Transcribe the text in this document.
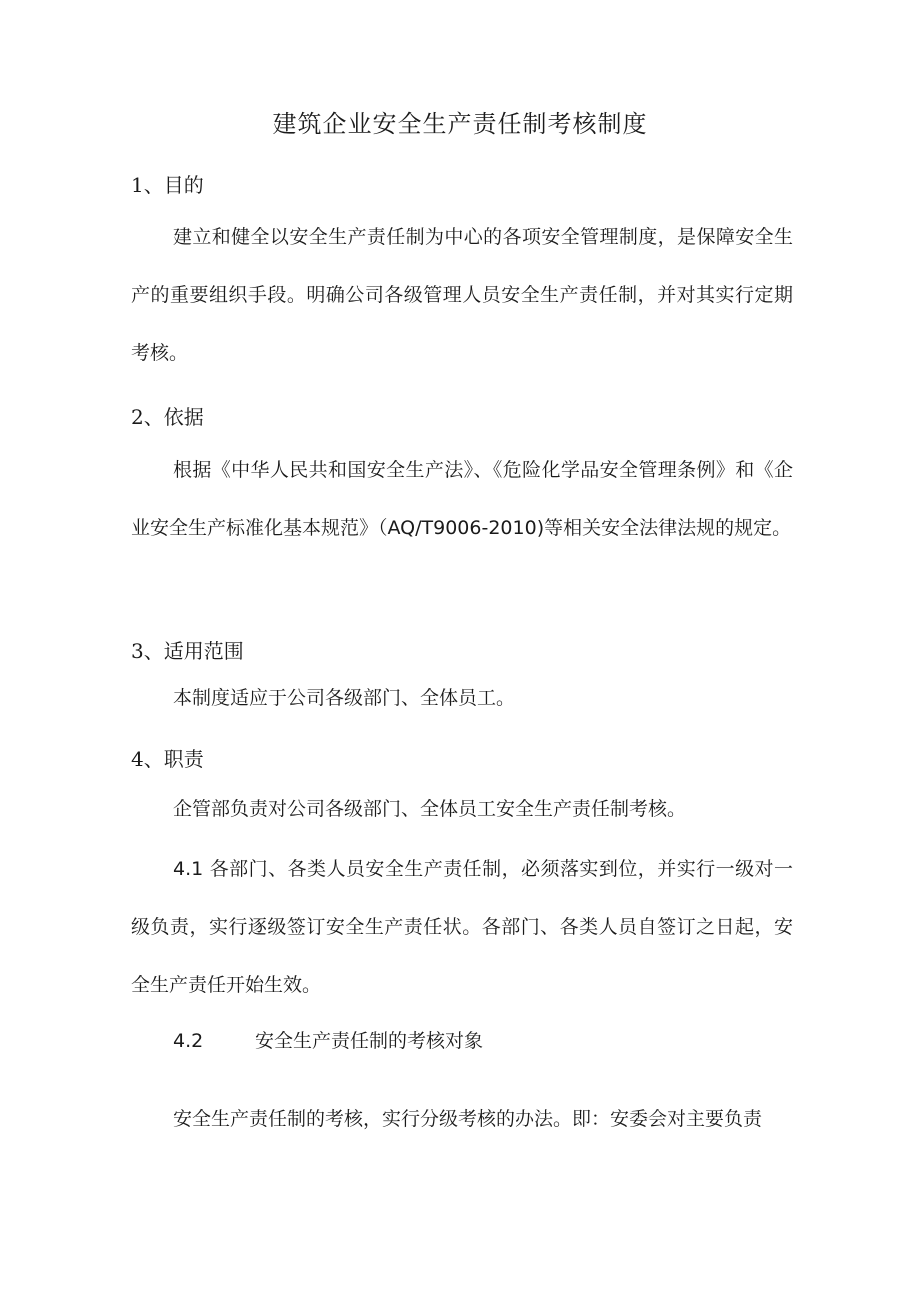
建筑企业安全生产责任制考核制度
1、目的

建立和健全以安全生产责任制为中心的各项安全管理制度，是保障安全生产的重要组织手段。明确公司各级管理人员安全生产责任制，并对其实行定期考核。

2、依据

根据《中华人民共和国安全生产法》、《危险化学品安全管理条例》和《企业安全生产标准化基本规范》（AQ/T9006-2010)等相关安全法律法规的规定。

3、适用范围
本制度适应于公司各级部门、全体员工。
4、职责
企管部负责对公司各级部门、全体员工安全生产责任制考核。

4.1 各部门、各类人员安全生产责任制，必须落实到位，并实行一级对一级负责，实行逐级签订安全生产责任状。各部门、各类人员自签订之日起，安全生产责任开始生效。

4.2	安全生产责任制的考核对象
安全生产责任制的考核，实行分级考核的办法。即：安委会对主要负责
